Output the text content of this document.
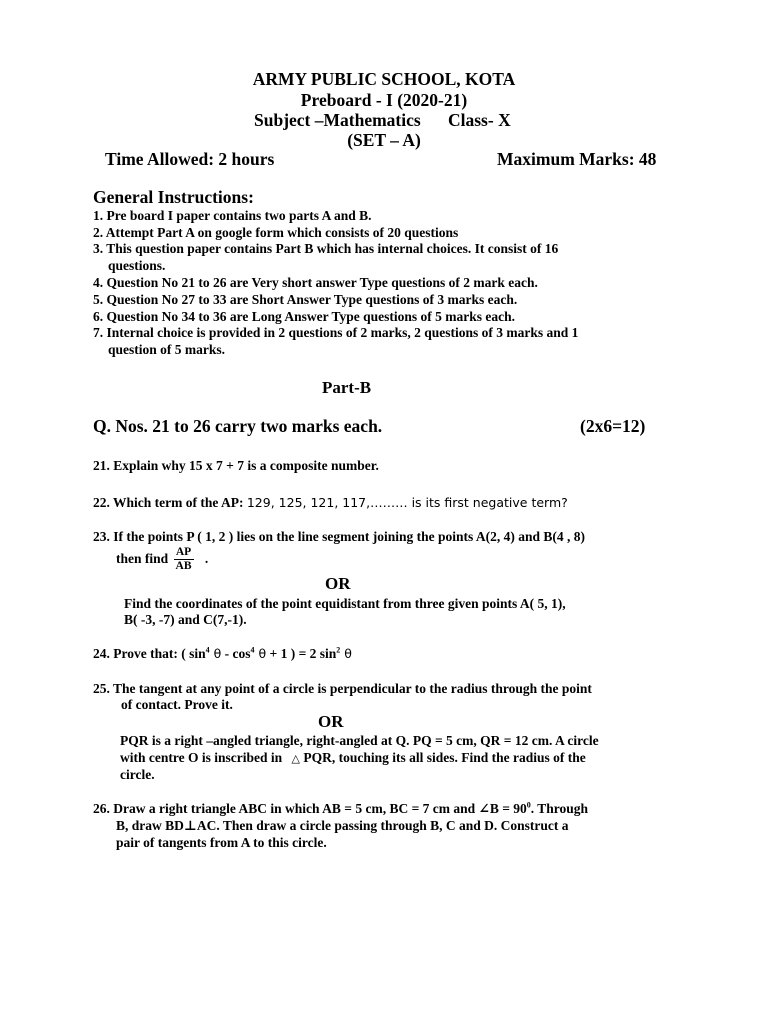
ARMY PUBLIC SCHOOL, KOTA
Preboard - I (2020-21)
Subject –Mathematics Class- X
(SET – A)
Time Allowed: 2 hours	Maximum Marks: 48
General Instructions:
1. Pre board I paper contains two parts A and B.
2. Attempt Part A on google form which consists of 20 questions
3. This question paper contains Part B which has internal choices. It consist of 16
questions.
4. Question No 21 to 26 are Very short answer Type questions of 2 mark each.
5. Question No 27 to 33 are Short Answer Type questions of 3 marks each.
6. Question No 34 to 36 are Long Answer Type questions of 5 marks each.
7. Internal choice is provided in 2 questions of 2 marks, 2 questions of 3 marks and 1
question of 5 marks.
Part-B
Q. Nos. 21 to 26 carry two marks each.	(2x6=12)
21. Explain why 15 x 7 + 7 is a composite number.
22. Which term of the AP: 129, 125, 121, 117,……… is its first negative term?
23. If the points P ( 1, 2 ) lies on the line segment joining the points A(2, 4) and B(4 , 8)
then find $\frac{AP}{AB}$ .
OR
Find the coordinates of the point equidistant from three given points A( 5, 1),
B( -3, -7) and C(7,-1).
24. Prove that: ( $\sin^4 \theta - \cos^4 \theta + 1$ ) = 2 $\sin^2 \theta$
25. The tangent at any point of a circle is perpendicular to the radius through the point
of contact. Prove it.
OR
PQR is a right –angled triangle, right-angled at Q. PQ = 5 cm, QR = 12 cm. A circle
with centre O is inscribed in △ PQR, touching its all sides. Find the radius of the
circle.
26. Draw a right triangle ABC in which AB = 5 cm, BC = 7 cm and ∠B = $90^0$. Through
B, draw BD⊥AC. Then draw a circle passing through B, C and D. Construct a
pair of tangents from A to this circle.
